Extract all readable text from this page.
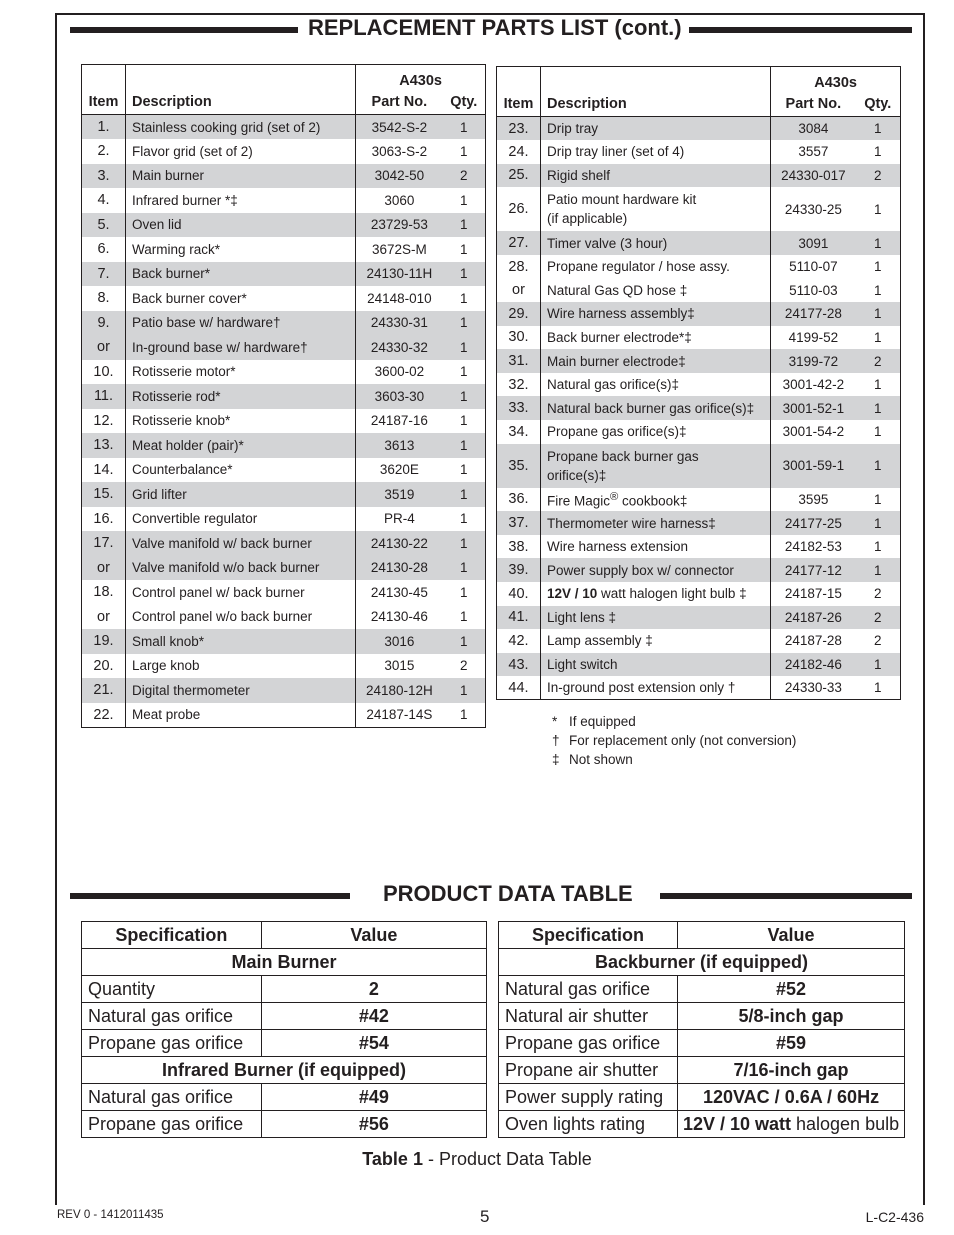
REPLACEMENT PARTS LIST (cont.)
		A430s	
Item	Description	Part No.	Qty.
1.	Stainless cooking grid (set of 2)	3542-S-2	1
2.	Flavor grid (set of 2)	3063-S-2	1
3.	Main burner	3042-50	2
4.	Infrared burner *‡	3060	1
5.	Oven lid	23729-53	1
6.	Warming rack*	3672S-M	1
7.	Back burner*	24130-11H	1
8.	Back burner cover*	24148-010	1
9.	Patio base w/ hardware†	24330-31	1
or	In-ground base w/ hardware†	24330-32	1
10.	Rotisserie motor*	3600-02	1
11.	Rotisserie rod*	3603-30	1
12.	Rotisserie knob*	24187-16	1
13.	Meat holder (pair)*	3613	1
14.	Counterbalance*	3620E	1
15.	Grid lifter	3519	1
16.	Convertible regulator	PR-4	1
17.	Valve manifold w/ back burner	24130-22	1
or	Valve manifold w/o back burner	24130-28	1
18.	Control panel w/ back burner	24130-45	1
or	Control panel w/o back burner	24130-46	1
19.	Small knob*	3016	1
20.	Large knob	3015	2
21.	Digital thermometer	24180-12H	1
22.	Meat probe	24187-14S	1
		A430s	
Item	Description	Part No.	Qty.
23.	Drip tray	3084	1
24.	Drip tray liner (set of 4)	3557	1
25.	Rigid shelf	24330-017	2
26.	Patio mount hardware kit
(if applicable)	24330-25	1
27.	Timer valve (3 hour)	3091	1
28.	Propane regulator / hose assy.	5110-07	1
or	Natural Gas QD hose ‡	5110-03	1
29.	Wire harness assembly‡	24177-28	1
30.	Back burner electrode*‡	4199-52	1
31.	Main burner electrode‡	3199-72	2
32.	Natural gas orifice(s)‡	3001-42-2	1
33.	Natural back burner gas orifice(s)‡	3001-52-1	1
34.	Propane gas orifice(s)‡	3001-54-2	1
35.	Propane back burner gas
orifice(s)‡	3001-59-1	1
36.	Fire Magic® cookbook‡	3595	1
37.	Thermometer wire harness‡	24177-25	1
38.	Wire harness extension	24182-53	1
39.	Power supply box w/ connector	24177-12	1
40.	12V / 10 watt halogen light bulb ‡	24187-15	2
41.	Light lens ‡	24187-26	2
42.	Lamp assembly ‡	24187-28	2
43.	Light switch	24182-46	1
44.	In-ground post extension only †	24330-33	1
* If equipped
† For replacement only (not conversion)
‡ Not shown
PRODUCT DATA TABLE
Specification	Value
Main Burner	
Quantity	2
Natural gas orifice	#42
Propane gas orifice	#54
Infrared Burner (if equipped)	
Natural gas orifice	#49
Propane gas orifice	#56
Specification	Value
Backburner (if equipped)	
Natural gas orifice	#52
Natural air shutter	5/8-inch gap
Propane gas orifice	#59
Propane air shutter	7/16-inch gap
Power supply rating	120VAC / 0.6A / 60Hz
Oven lights rating	12V / 10 watt halogen bulb
Table 1 - Product Data Table
REV 0 - 1412011435	5	L-C2-436
